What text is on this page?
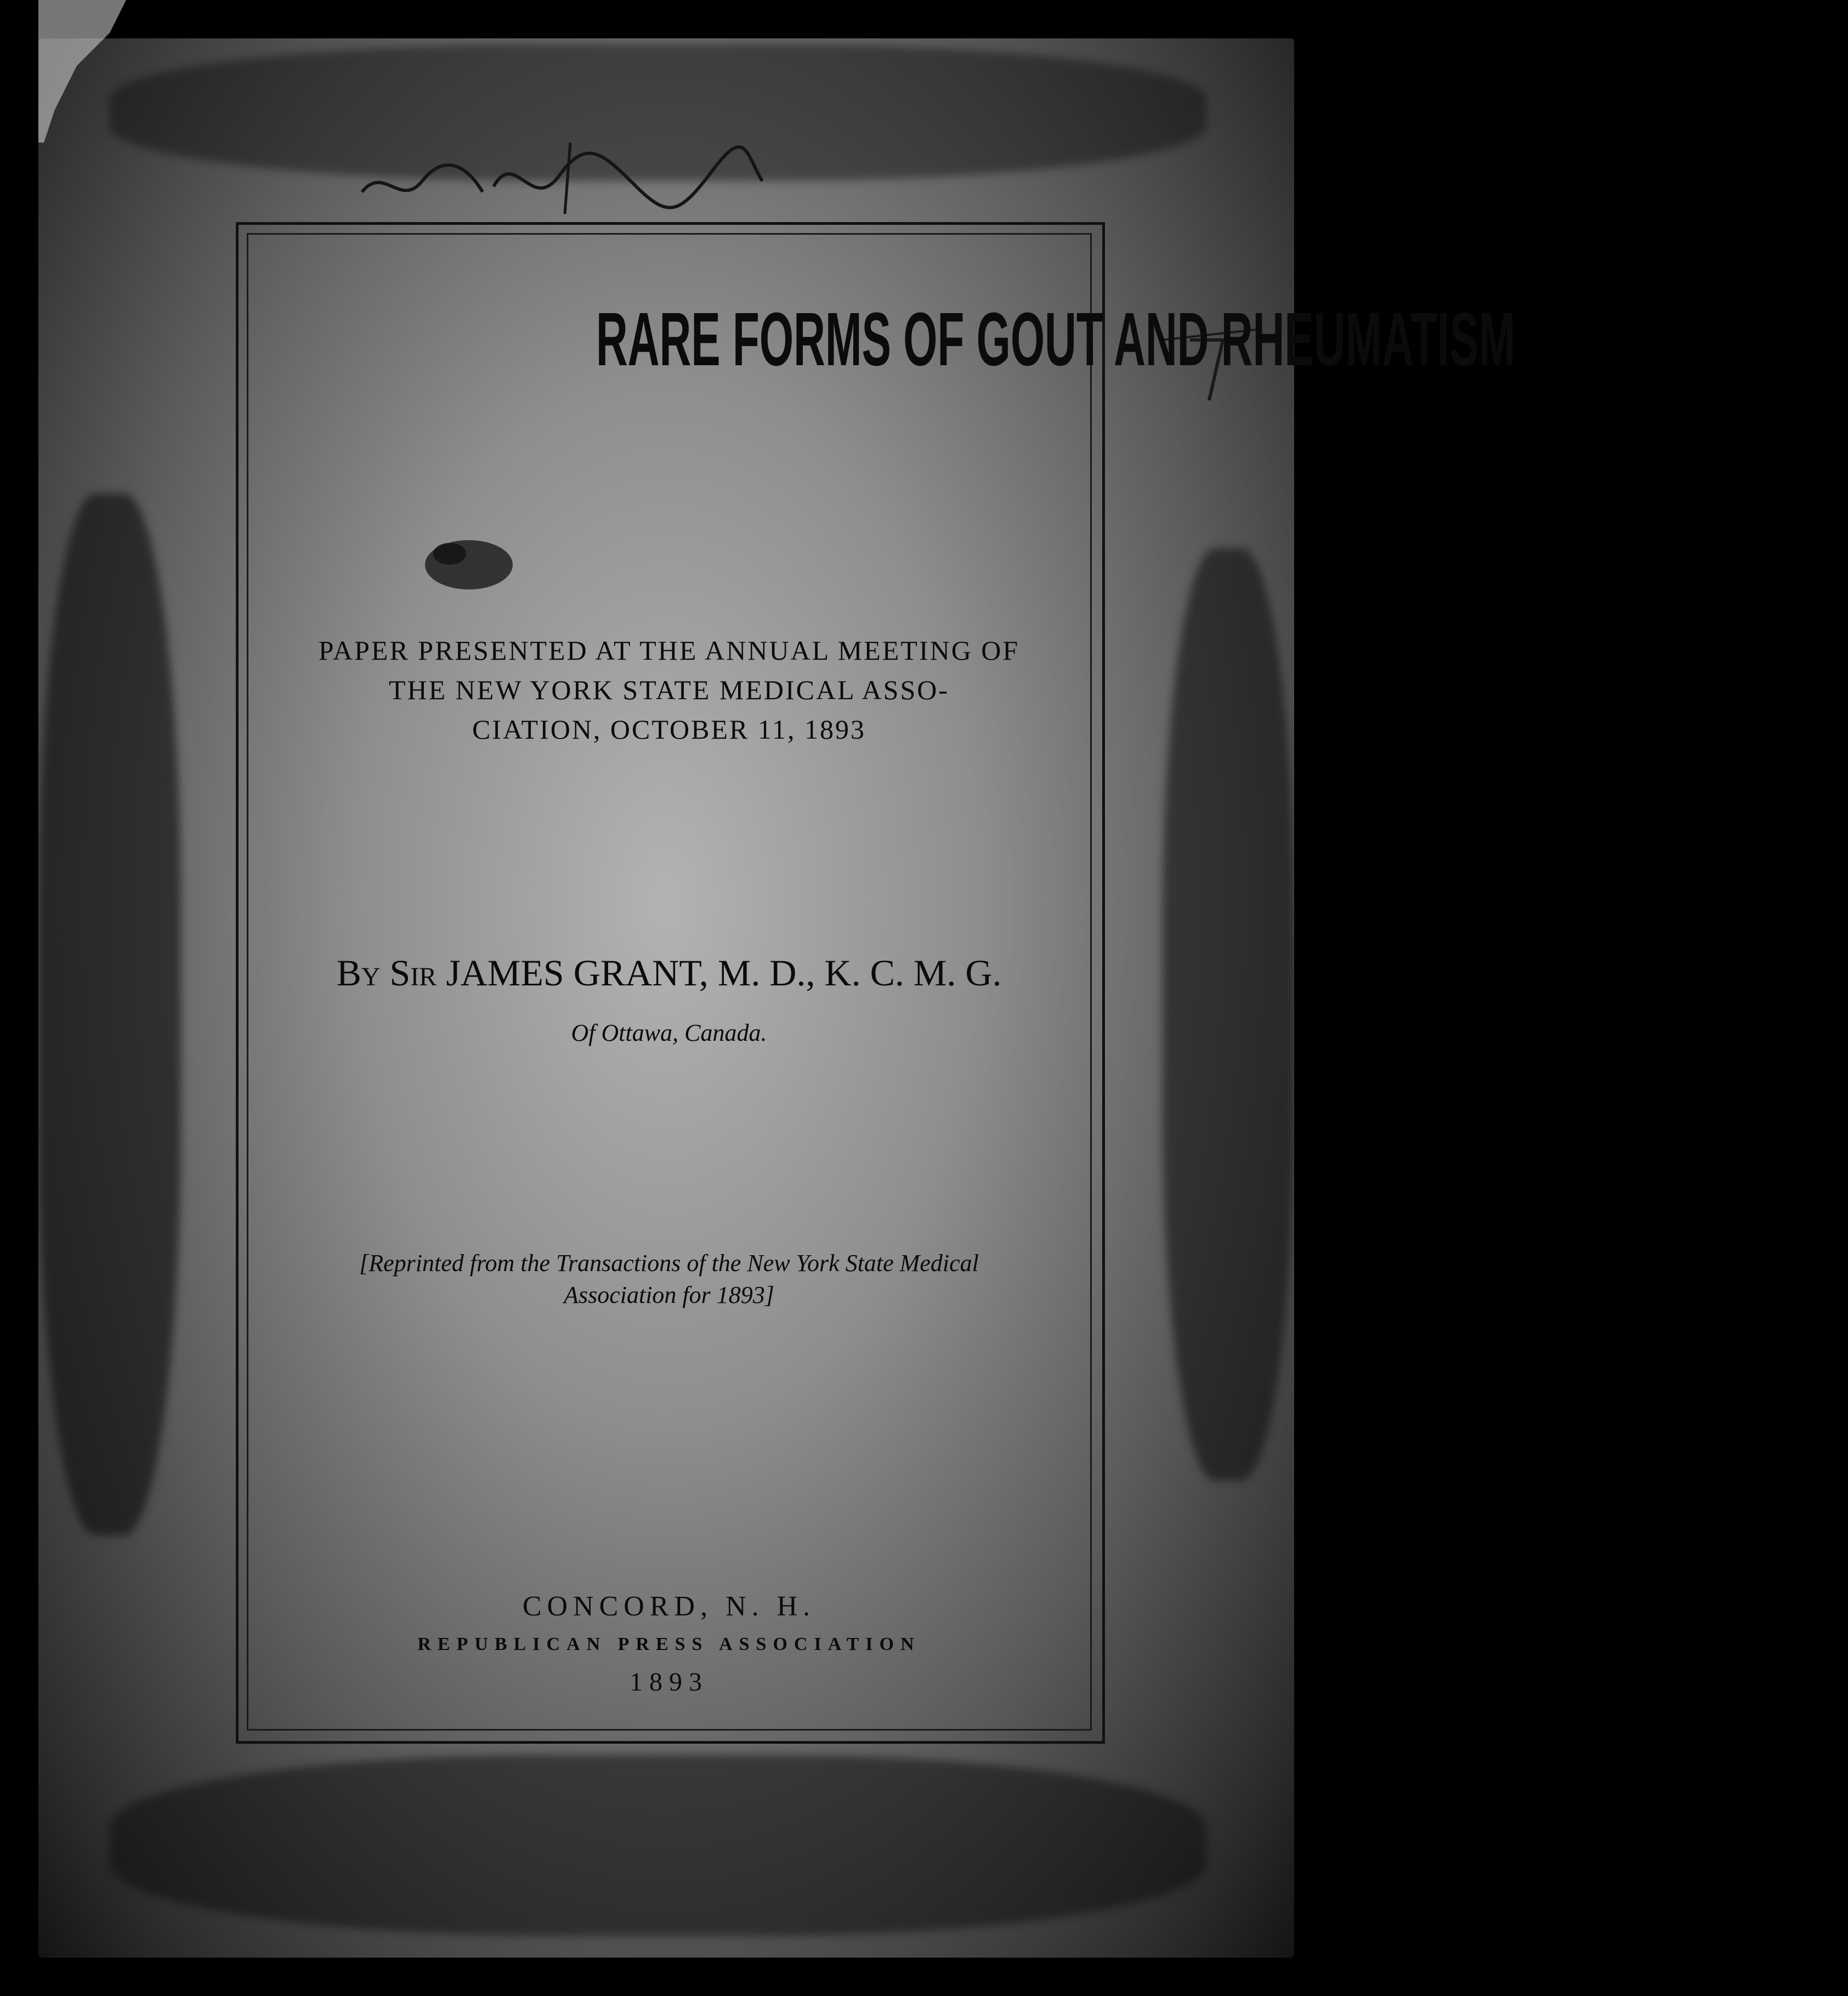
RARE FORMS OF GOUT AND RHEUMATISM
PAPER PRESENTED AT THE ANNUAL MEETING OF
THE NEW YORK STATE MEDICAL ASSO-
CIATION, OCTOBER 11, 1893
By Sir JAMES GRANT, M. D., K. C. M. G.
Of Ottawa, Canada.
[Reprinted from the Transactions of the New York State Medical
Association for 1893]
CONCORD, N. H.
REPUBLICAN PRESS ASSOCIATION
1893
